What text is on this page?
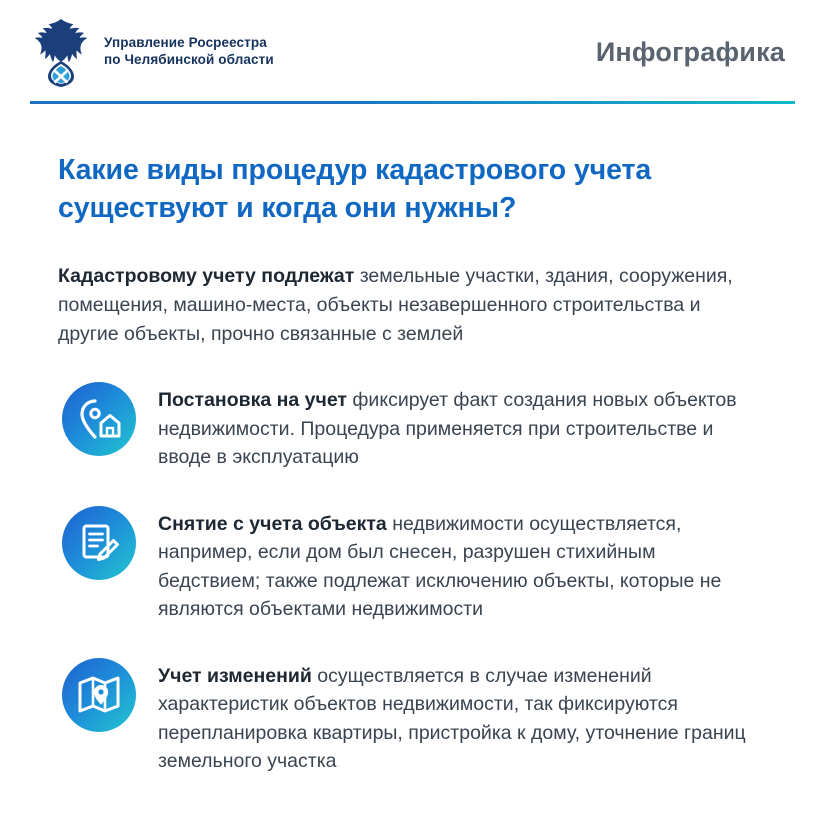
Управление Росреестра
по Челябинской области	Инфографика
Какие виды процедур кадастрового учета существуют и когда они нужны?

Кадастровому учету подлежат земельные участки, здания, сооружения, помещения, машино-места, объекты незавершенного строительства и другие объекты, прочно связанные с землей

Постановка на учет фиксирует факт создания новых объектов недвижимости. Процедура применяется при строительстве и вводе в эксплуатацию
Снятие с учета объекта недвижимости осуществляется, например, если дом был снесен, разрушен стихийным бедствием; также подлежат исключению объекты, которые не являются объектами недвижимости
Учет изменений осуществляется в случае изменений характеристик объектов недвижимости, так фиксируются перепланировка квартиры, пристройка к дому, уточнение границ земельного участка
